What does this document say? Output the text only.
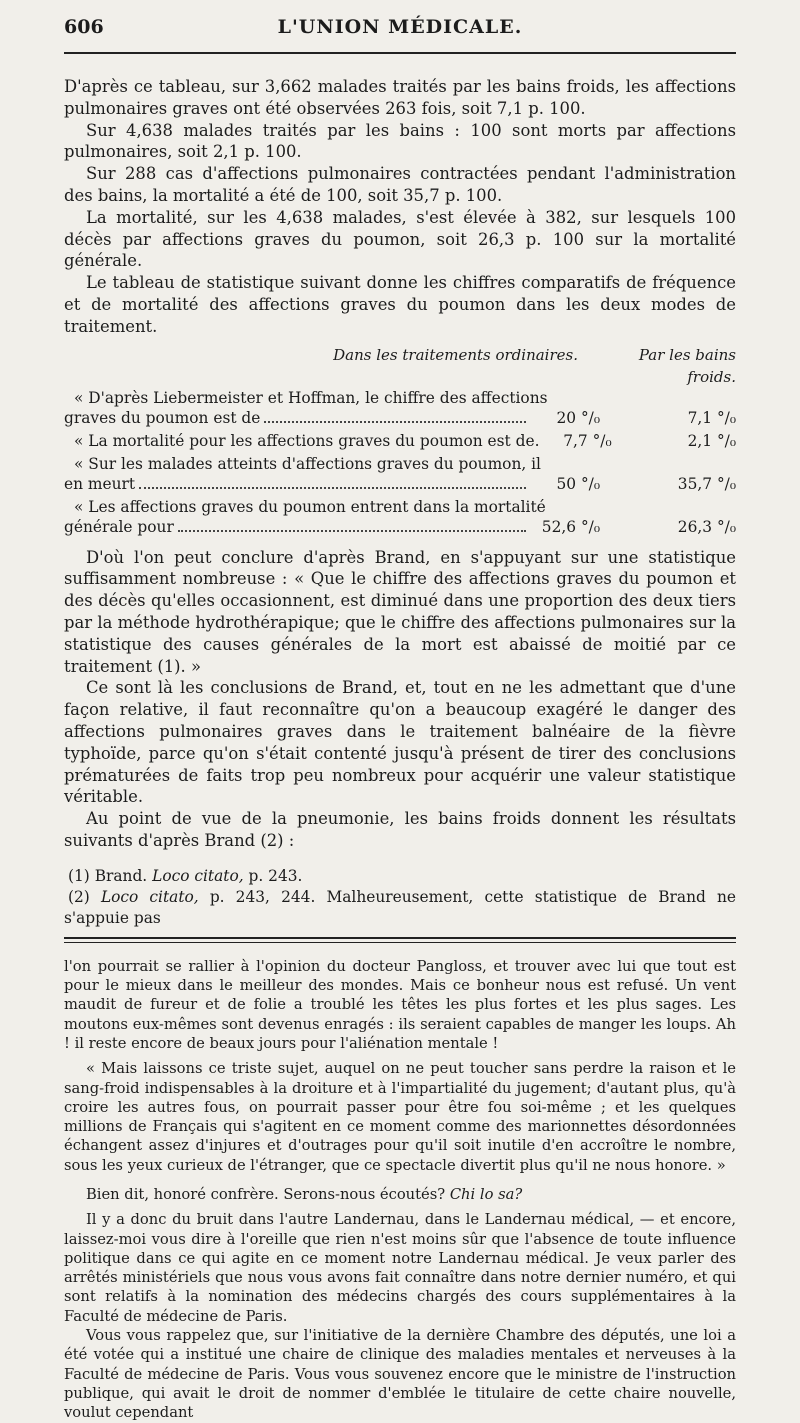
606	L'UNION MÉDICALE.

D'après ce tableau, sur 3,662 malades traités par les bains froids, les affections pulmonaires graves ont été observées 263 fois, soit 7,1 p. 100.

Sur 4,638 malades traités par les bains : 100 sont morts par affections pulmonaires, soit 2,1 p. 100.

Sur 288 cas d'affections pulmonaires contractées pendant l'administration des bains, la mortalité a été de 100, soit 35,7 p. 100.

La mortalité, sur les 4,638 malades, s'est élevée à 382, sur lesquels 100 décès par affections graves du poumon, soit 26,3 p. 100 sur la mortalité générale.

Le tableau de statistique suivant donne les chiffres comparatifs de fréquence et de mortalité des affections graves du poumon dans les deux modes de traitement.

Dans les traitements ordinaires.	Par les bains froids.
« D'après Liebermeister et Hoffman, le chiffre des affections
graves du poumon est de	20 °/₀	7,1 °/₀
« La mortalité pour les affections graves du poumon est de.	7,7 °/₀	2,1 °/₀
« Sur les malades atteints d'affections graves du poumon, il
en meurt	50 °/₀	35,7 °/₀
« Les affections graves du poumon entrent dans la mortalité
générale pour	52,6 °/₀	26,3 °/₀

D'où l'on peut conclure d'après Brand, en s'appuyant sur une statistique suffisamment nombreuse : « Que le chiffre des affections graves du poumon et des décès qu'elles occasionnent, est diminué dans une proportion des deux tiers par la méthode hydrothérapique; que le chiffre des affections pulmonaires sur la statistique des causes générales de la mort est abaissé de moitié par ce traitement (1). »

Ce sont là les conclusions de Brand, et, tout en ne les admettant que d'une façon relative, il faut reconnaître qu'on a beaucoup exagéré le danger des affections pulmonaires graves dans le traitement balnéaire de la fièvre typhoïde, parce qu'on s'était contenté jusqu'à présent de tirer des conclusions prématurées de faits trop peu nombreux pour acquérir une valeur statistique véritable.

Au point de vue de la pneumonie, les bains froids donnent les résultats suivants d'après Brand (2) :

(1) Brand. Loco citato, p. 243.

(2) Loco citato, p. 243, 244. Malheureusement, cette statistique de Brand ne s'appuie pas

l'on pourrait se rallier à l'opinion du docteur Pangloss, et trouver avec lui que tout est pour le mieux dans le meilleur des mondes. Mais ce bonheur nous est refusé. Un vent maudit de fureur et de folie a troublé les têtes les plus fortes et les plus sages. Les moutons eux-mêmes sont devenus enragés : ils seraient capables de manger les loups. Ah ! il reste encore de beaux jours pour l'aliénation mentale !

« Mais laissons ce triste sujet, auquel on ne peut toucher sans perdre la raison et le sang-froid indispensables à la droiture et à l'impartialité du jugement; d'autant plus, qu'à croire les autres fous, on pourrait passer pour être fou soi-même ; et les quelques millions de Français qui s'agitent en ce moment comme des marionnettes désordonnées échangent assez d'injures et d'outrages pour qu'il soit inutile d'en accroître le nombre, sous les yeux curieux de l'étranger, que ce spectacle divertit plus qu'il ne nous honore. »

Bien dit, honoré confrère. Serons-nous écoutés? Chi lo sa?

Il y a donc du bruit dans l'autre Landernau, dans le Landernau médical, — et encore, laissez-moi vous dire à l'oreille que rien n'est moins sûr que l'absence de toute influence politique dans ce qui agite en ce moment notre Landernau médical. Je veux parler des arrêtés ministériels que nous vous avons fait connaître dans notre dernier numéro, et qui sont relatifs à la nomination des médecins chargés des cours supplémentaires à la Faculté de médecine de Paris.

Vous vous rappelez que, sur l'initiative de la dernière Chambre des députés, une loi a été votée qui a institué une chaire de clinique des maladies mentales et nerveuses à la Faculté de médecine de Paris. Vous vous souvenez encore que le ministre de l'instruction publique, qui avait le droit de nommer d'emblée le titulaire de cette chaire nouvelle, voulut cependant
